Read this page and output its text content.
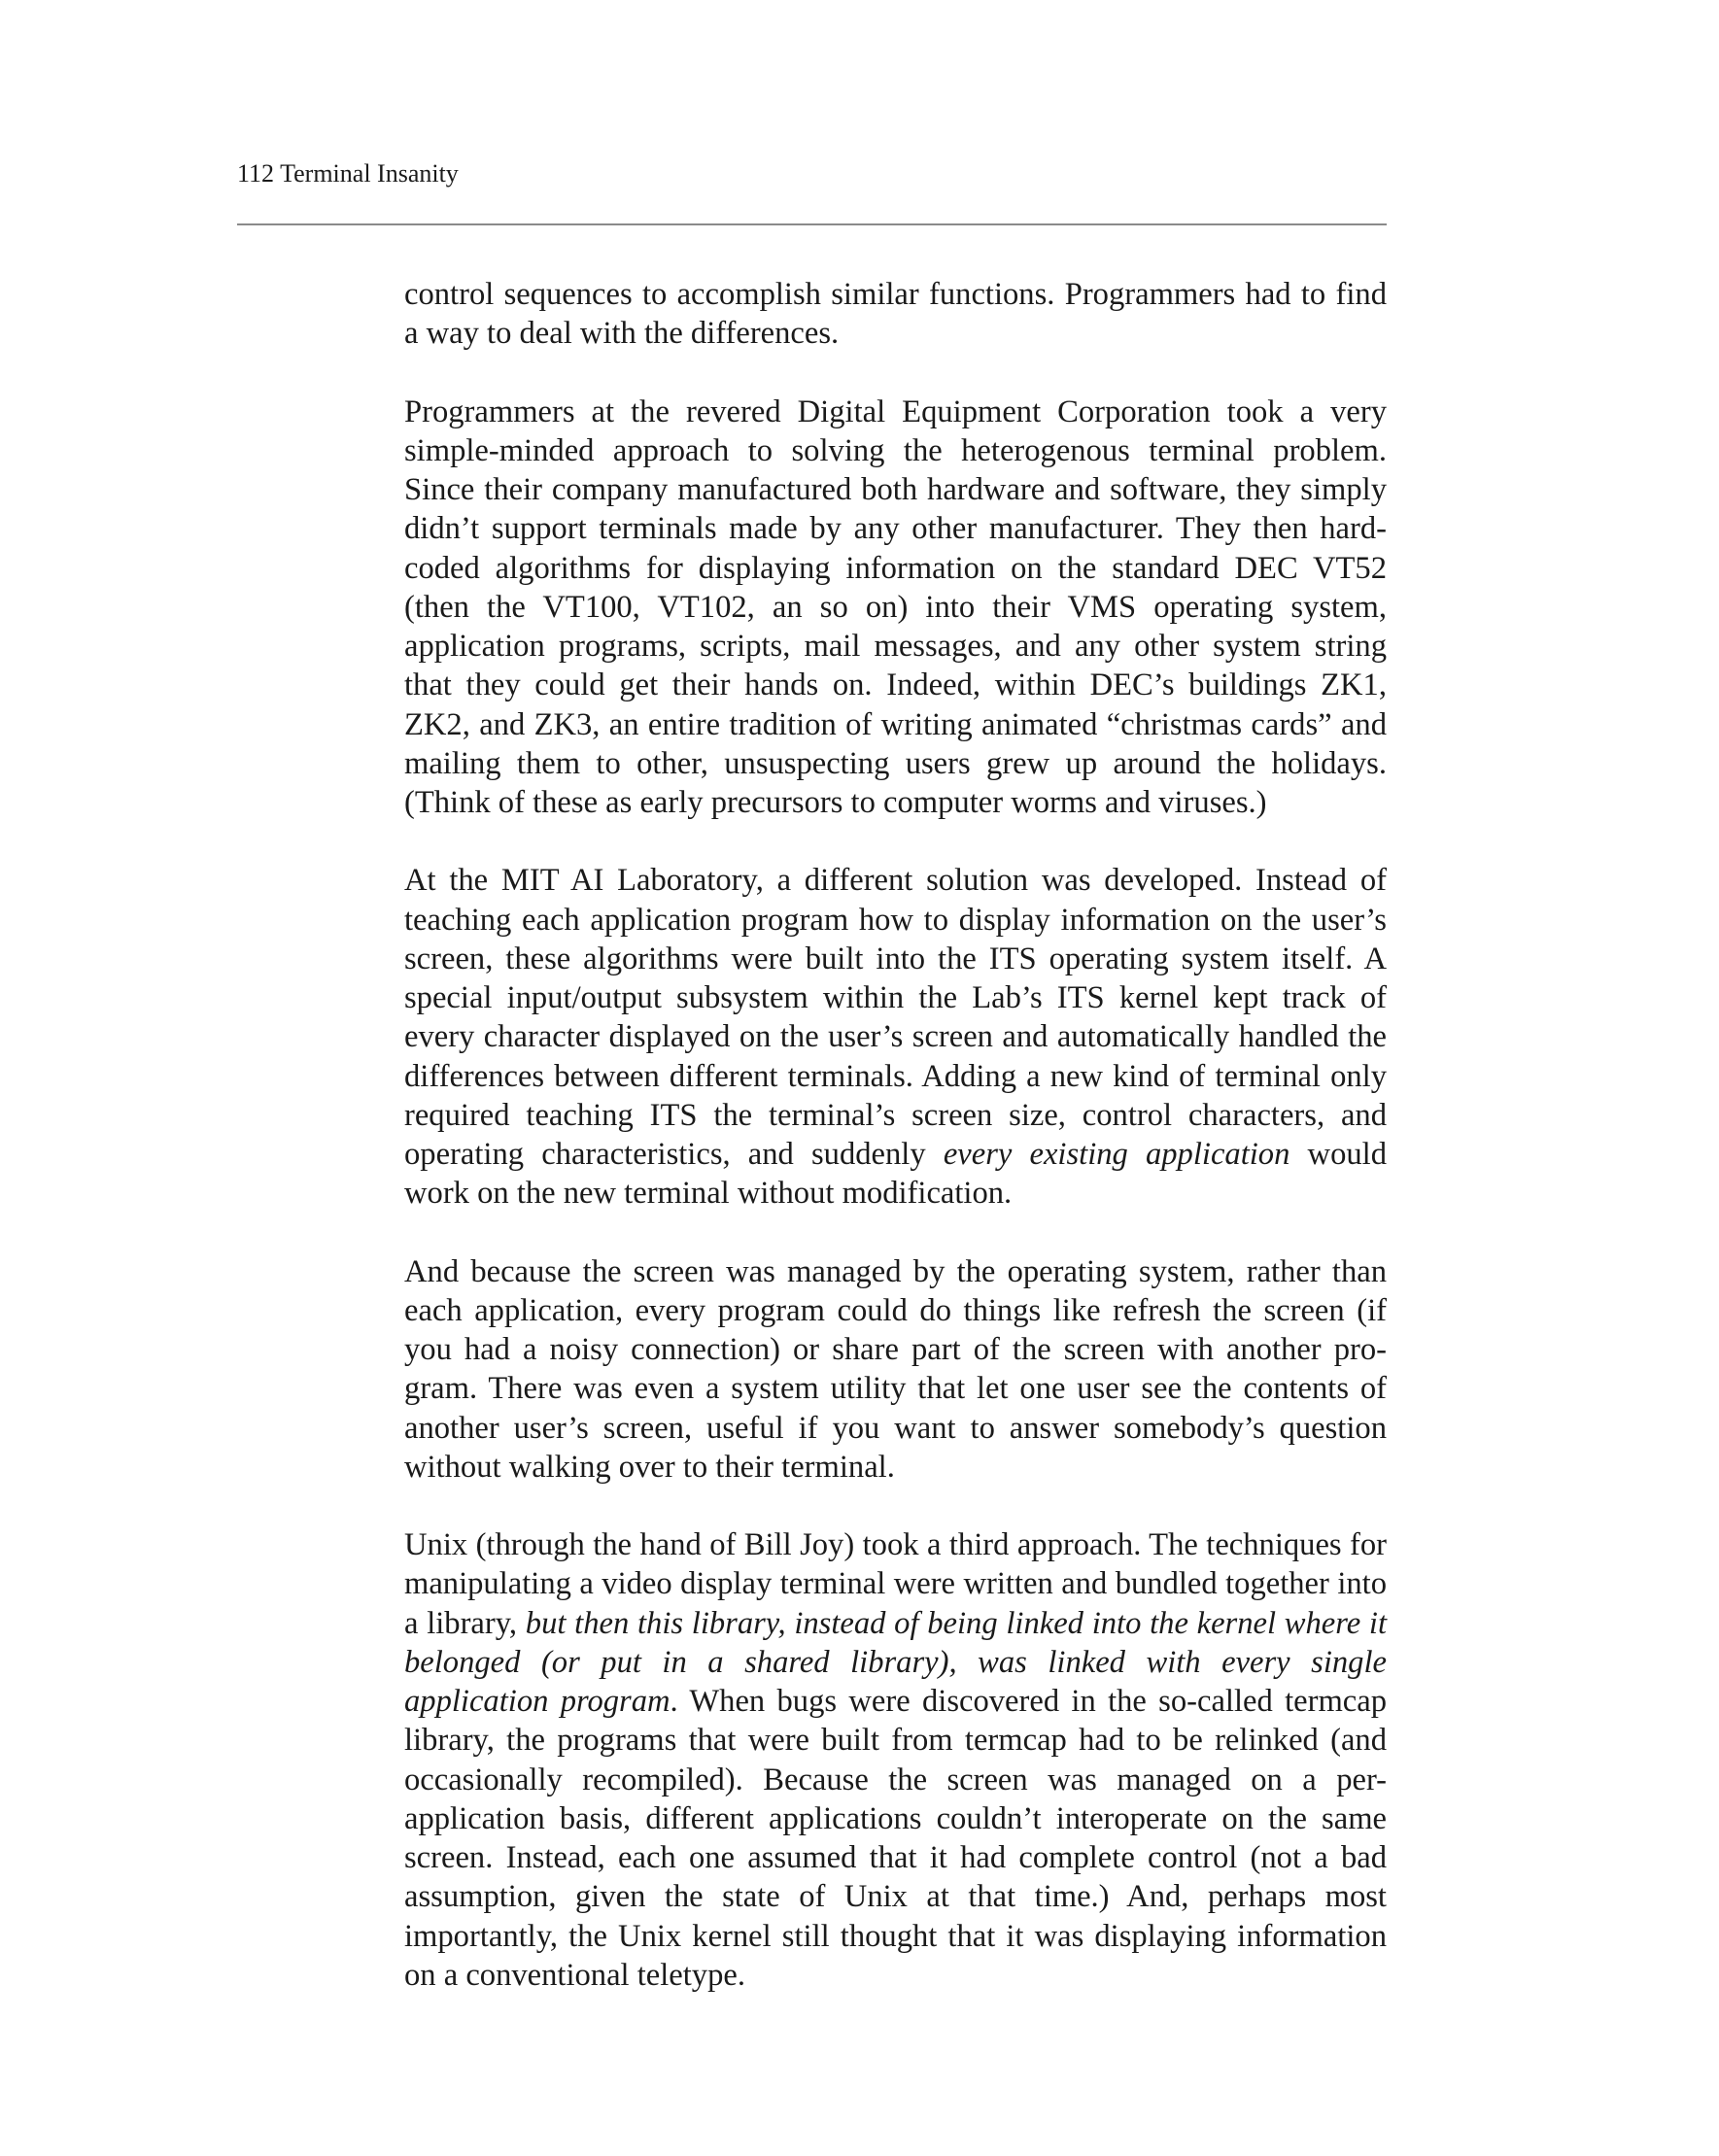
112 Terminal Insanity

control sequences to accomplish similar functions. Programmers had to find a way to deal with the differences.

Programmers at the revered Digital Equipment Corporation took a very simple-minded approach to solving the heterogenous terminal problem. Since their company manufactured both hardware and software, they simply didn’t support terminals made by any other manufacturer. They then hard-coded algorithms for displaying information on the standard DEC VT52 (then the VT100, VT102, an so on) into their VMS operating system, application programs, scripts, mail messages, and any other system string that they could get their hands on. Indeed, within DEC’s buildings ZK1, ZK2, and ZK3, an entire tradition of writing animated “christmas cards” and mailing them to other, unsuspecting users grew up around the holidays. (Think of these as early precursors to computer worms and viruses.)

At the MIT AI Laboratory, a different solution was developed. Instead of teaching each application program how to display information on the user’s screen, these algorithms were built into the ITS operating system itself. A special input/output subsystem within the Lab’s ITS kernel kept track of every character displayed on the user’s screen and automatically handled the differences between different terminals. Adding a new kind of terminal only required teaching ITS the terminal’s screen size, control characters, and operating characteristics, and suddenly every existing application would work on the new terminal without modification.

And because the screen was managed by the operating system, rather than each application, every program could do things like refresh the screen (if you had a noisy connection) or share part of the screen with another program. There was even a system utility that let one user see the contents of another user’s screen, useful if you want to answer somebody’s question without walking over to their terminal.

Unix (through the hand of Bill Joy) took a third approach. The techniques for manipulating a video display terminal were written and bundled together into a library, but then this library, instead of being linked into the kernel where it belonged (or put in a shared library), was linked with every single application program. When bugs were discovered in the so-called termcap library, the programs that were built from termcap had to be relinked (and occasionally recompiled). Because the screen was managed on a per-application basis, different applications couldn’t interoperate on the same screen. Instead, each one assumed that it had complete control (not a bad assumption, given the state of Unix at that time.) And, perhaps most importantly, the Unix kernel still thought that it was displaying information on a conventional teletype.
